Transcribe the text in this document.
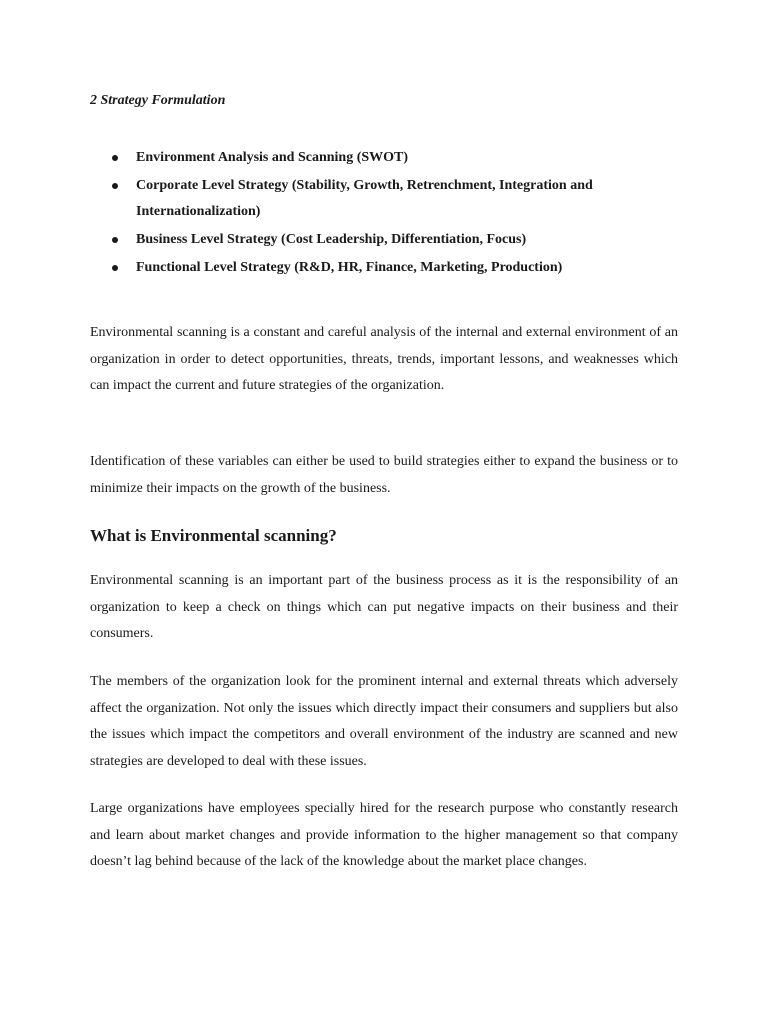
2 Strategy Formulation
Environment Analysis and Scanning (SWOT)
Corporate Level Strategy (Stability, Growth, Retrenchment, Integration and Internationalization)
Business Level Strategy (Cost Leadership, Differentiation, Focus)
Functional Level Strategy (R&D, HR, Finance, Marketing, Production)

Environmental scanning is a constant and careful analysis of the internal and external environment of an organization in order to detect opportunities, threats, trends, important lessons, and weaknesses which can impact the current and future strategies of the organization.

Identification of these variables can either be used to build strategies either to expand the business or to minimize their impacts on the growth of the business.

What is Environmental scanning?

Environmental scanning is an important part of the business process as it is the responsibility of an organization to keep a check on things which can put negative impacts on their business and their consumers.

The members of the organization look for the prominent internal and external threats which adversely affect the organization. Not only the issues which directly impact their consumers and suppliers but also the issues which impact the competitors and overall environment of the industry are scanned and new strategies are developed to deal with these issues.

Large organizations have employees specially hired for the research purpose who constantly research and learn about market changes and provide information to the higher management so that company doesn’t lag behind because of the lack of the knowledge about the market place changes.
